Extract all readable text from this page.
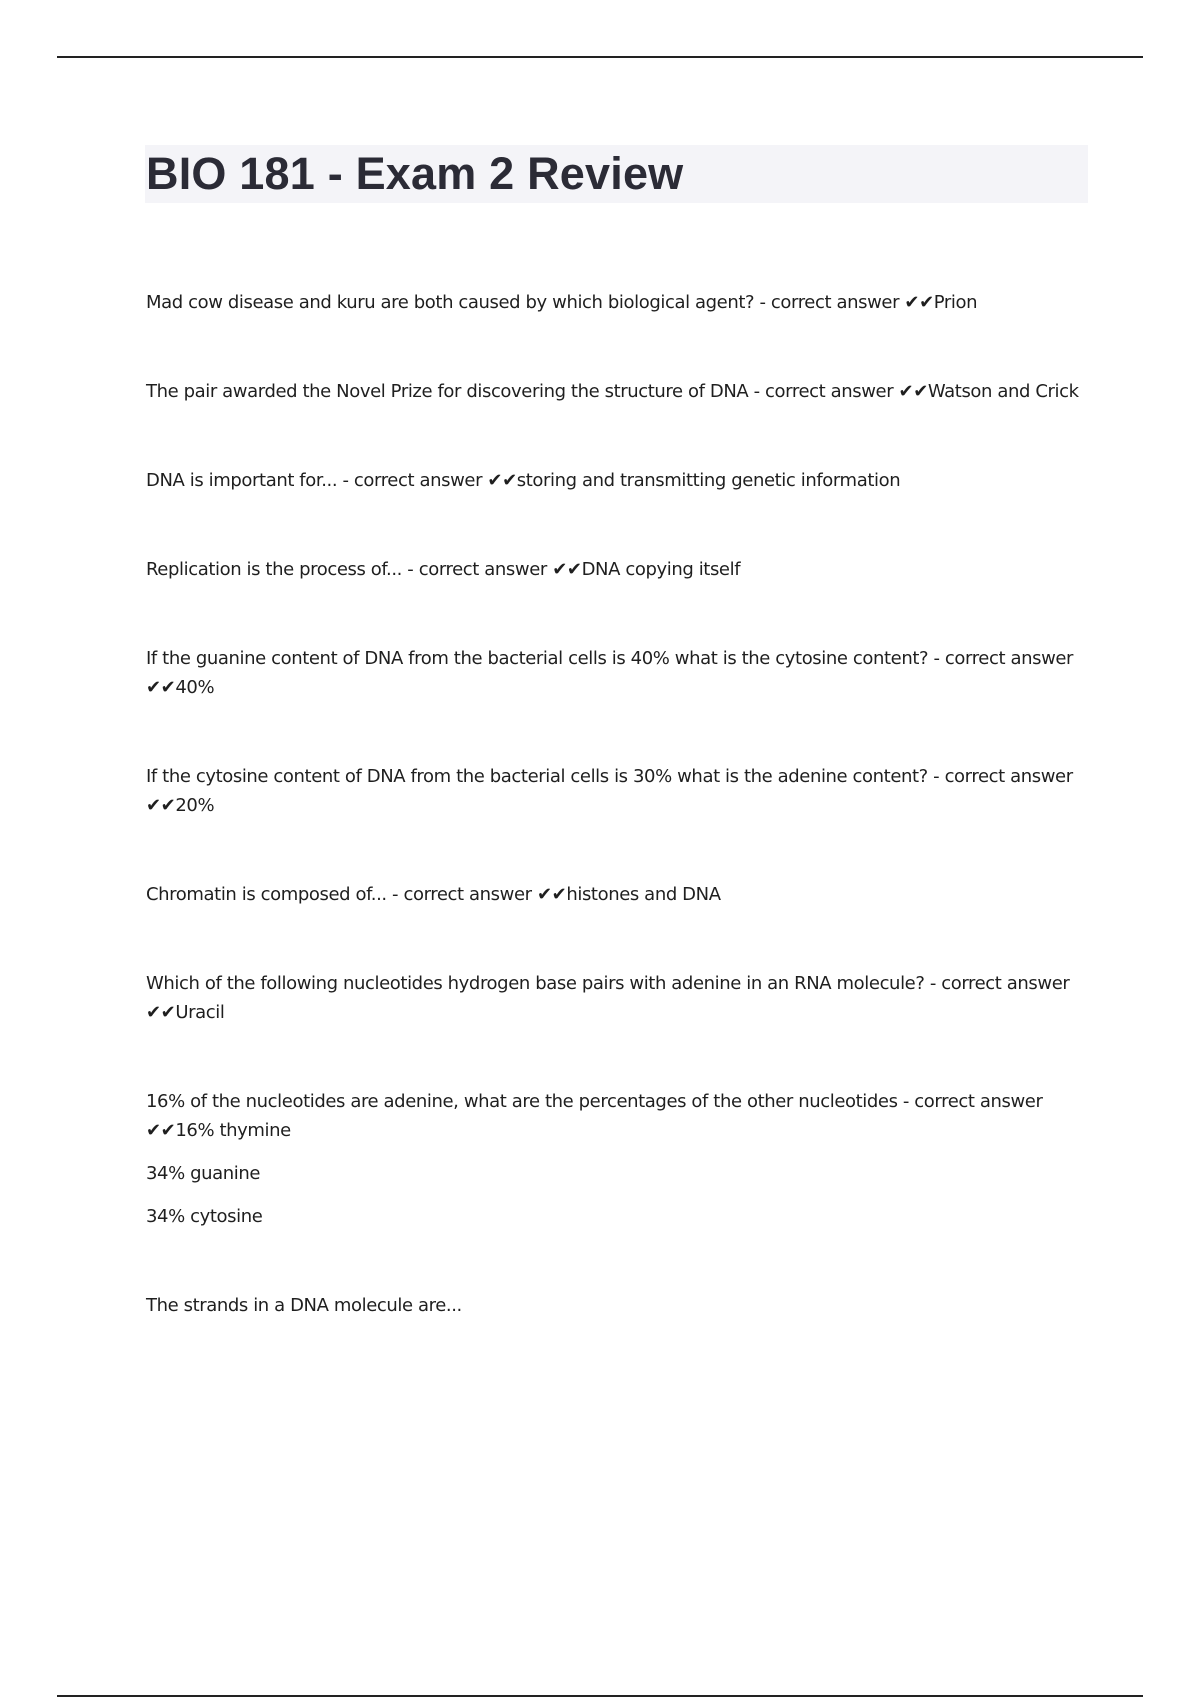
BIO 181 - Exam 2 Review

Mad cow disease and kuru are both caused by which biological agent? - correct answer ✔✔Prion

The pair awarded the Novel Prize for discovering the structure of DNA - correct answer ✔✔Watson and Crick

DNA is important for... - correct answer ✔✔storing and transmitting genetic information

Replication is the process of... - correct answer ✔✔DNA copying itself

If the guanine content of DNA from the bacterial cells is 40% what is the cytosine content? - correct answer ✔✔40%

If the cytosine content of DNA from the bacterial cells is 30% what is the adenine content? - correct answer ✔✔20%

Chromatin is composed of... - correct answer ✔✔histones and DNA

Which of the following nucleotides hydrogen base pairs with adenine in an RNA molecule? - correct answer ✔✔Uracil

16% of the nucleotides are adenine, what are the percentages of the other nucleotides - correct answer ✔✔16% thymine

34% guanine

34% cytosine

The strands in a DNA molecule are...
